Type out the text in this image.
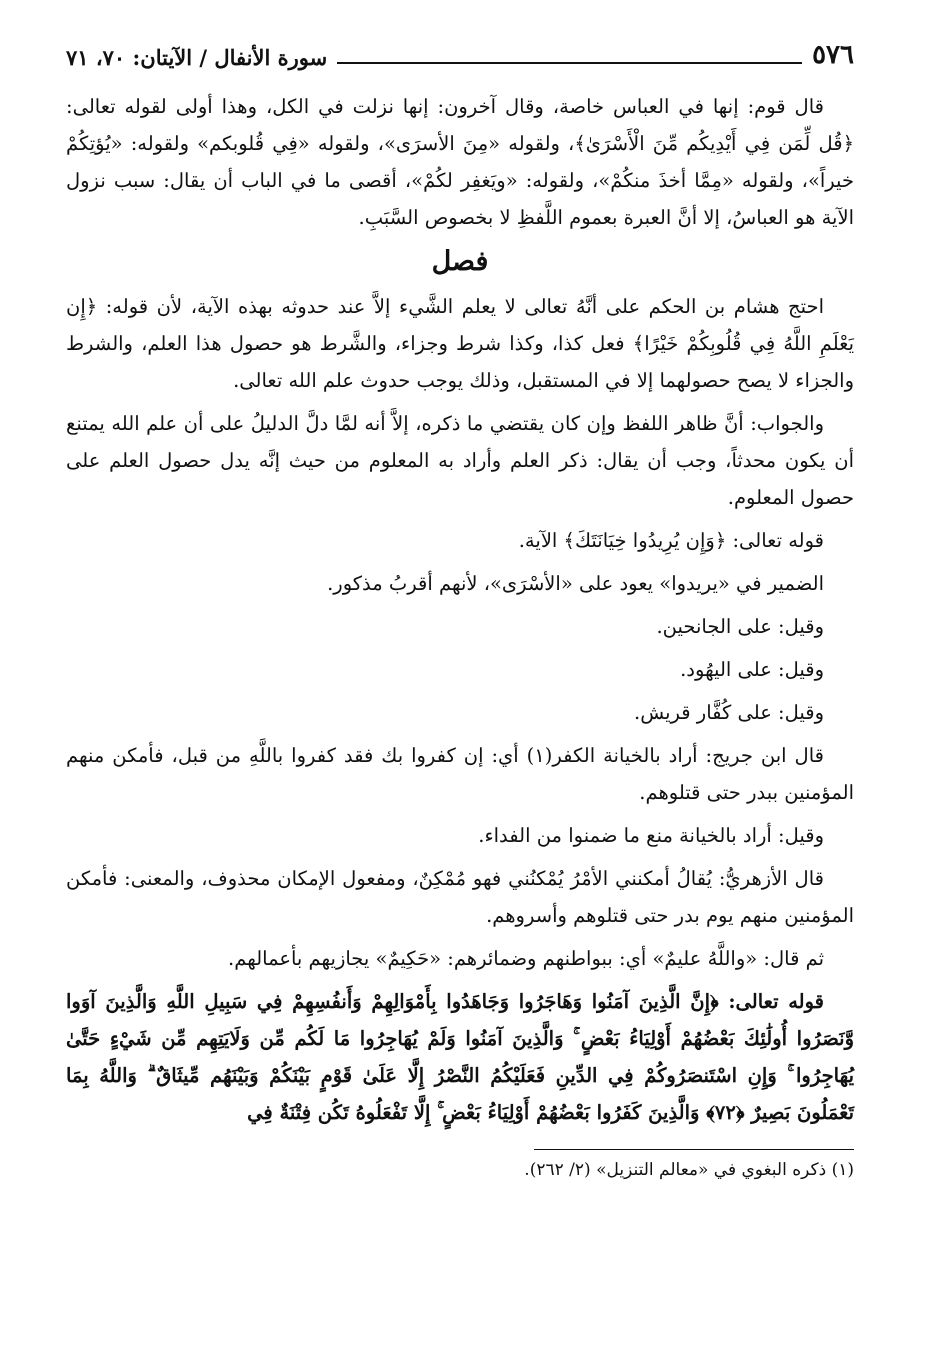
٥٧٦
سورة الأنفال / الآيتان: ٧٠، ٧١

قال قوم: إنها في العباس خاصة، وقال آخرون: إنها نزلت في الكل، وهذا أولى لقوله تعالى: ﴿قُل لِّمَن فِي أَيْدِيكُم مِّنَ الْأَسْرَىٰ﴾، ولقوله «مِنَ الأسرَى»، ولقوله «فِي قُلوبكم» ولقوله: «يُؤتِكُمْ خيراً»، ولقوله «مِمَّا أخذَ منكُمْ»، ولقوله: «ويَغفِر لكُمْ»، أقصى ما في الباب أن يقال: سبب نزول الآية هو العباسُ، إلا أنَّ العبرة بعموم اللَّفظِ لا بخصوص السَّبَبِ.

فصل

احتج هشام بن الحكم على أنَّهُ تعالى لا يعلم الشَّيء إلاَّ عند حدوثه بهذه الآية، لأن قوله: ﴿إِن يَعْلَمِ اللَّهُ فِي قُلُوبِكُمْ خَيْرًا﴾ فعل كذا، وكذا شرط وجزاء، والشَّرط هو حصول هذا العلم، والشرط والجزاء لا يصح حصولهما إلا في المستقبل، وذلك يوجب حدوث علم الله تعالى.

والجواب: أنَّ ظاهر اللفظ وإن كان يقتضي ما ذكره، إلاَّ أنه لمَّا دلَّ الدليلُ على أن علم الله يمتنع أن يكون محدثاً، وجب أن يقال: ذكر العلم وأراد به المعلوم من حيث إنَّه يدل حصول العلم على حصول المعلوم.

قوله تعالى: ﴿وَإِن يُرِيدُوا خِيَانَتَكَ﴾ الآية.

الضمير في «يريدوا» يعود على «الأسْرَى»، لأنهم أقربُ مذكور.

وقيل: على الجانحين.

وقيل: على اليهُود.

وقيل: على كُفَّار قريش.

قال ابن جريج: أراد بالخيانة الكفر(١) أي: إن كفروا بك فقد كفروا باللَّهِ من قبل، فأمكن منهم المؤمنين ببدر حتى قتلوهم.

وقيل: أراد بالخيانة منع ما ضمنوا من الفداء.

قال الأزهريُّ: يُقالُ أمكنني الأمْرُ يُمْكنُني فهو مُمْكِنٌ، ومفعول الإمكان محذوف، والمعنى: فأمكن المؤمنين منهم يوم بدر حتى قتلوهم وأسروهم.

ثم قال: «واللَّهُ عليمٌ» أي: ببواطنهم وضمائرهم: «حَكِيمٌ» يجازيهم بأعمالهم.

قوله تعالى: ﴿إِنَّ الَّذِينَ آمَنُوا وَهَاجَرُوا وَجَاهَدُوا بِأَمْوَالِهِمْ وَأَنفُسِهِمْ فِي سَبِيلِ اللَّهِ وَالَّذِينَ آوَوا وَّنَصَرُوا أُولَٰئِكَ بَعْضُهُمْ أَوْلِيَاءُ بَعْضٍ ۚ وَالَّذِينَ آمَنُوا وَلَمْ يُهَاجِرُوا مَا لَكُم مِّن وَلَايَتِهِم مِّن شَيْءٍ حَتَّىٰ يُهَاجِرُوا ۚ وَإِنِ اسْتَنصَرُوكُمْ فِي الدِّينِ فَعَلَيْكُمُ النَّصْرُ إِلَّا عَلَىٰ قَوْمٍ بَيْنَكُمْ وَبَيْنَهُم مِّيثَاقٌ ۗ وَاللَّهُ بِمَا تَعْمَلُونَ بَصِيرٌ ﴿٧٢﴾ وَالَّذِينَ كَفَرُوا بَعْضُهُمْ أَوْلِيَاءُ بَعْضٍ ۚ إِلَّا تَفْعَلُوهُ تَكُن فِتْنَةٌ فِي

(١) ذكره البغوي في «معالم التنزيل» (٢/ ٢٦٢).
